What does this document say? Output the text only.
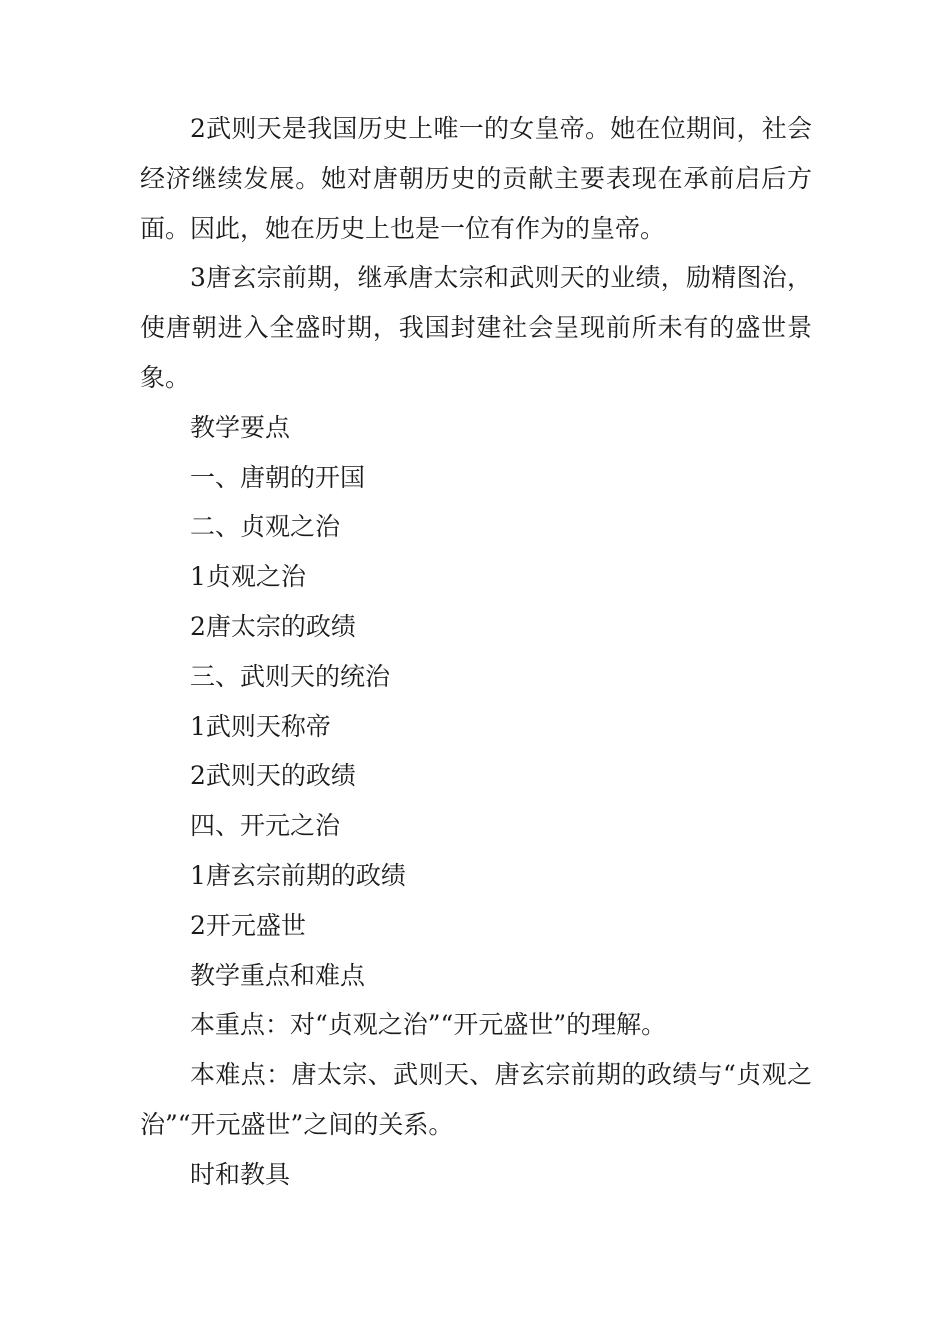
2武则天是我国历史上唯一的女皇帝。她在位期间，社会经济继续发展。她对唐朝历史的贡献主要表现在承前启后方面。因此，她在历史上也是一位有作为的皇帝。

3唐玄宗前期，继承唐太宗和武则天的业绩，励精图治，使唐朝进入全盛时期，我国封建社会呈现前所未有的盛世景象。

教学要点

一、唐朝的开国

二、贞观之治

1贞观之治

2唐太宗的政绩

三、武则天的统治

1武则天称帝

2武则天的政绩

四、开元之治

1唐玄宗前期的政绩

2开元盛世

教学重点和难点

本重点：对“贞观之治”“开元盛世”的理解。

本难点：唐太宗、武则天、唐玄宗前期的政绩与“贞观之治”“开元盛世”之间的关系。

时和教具
